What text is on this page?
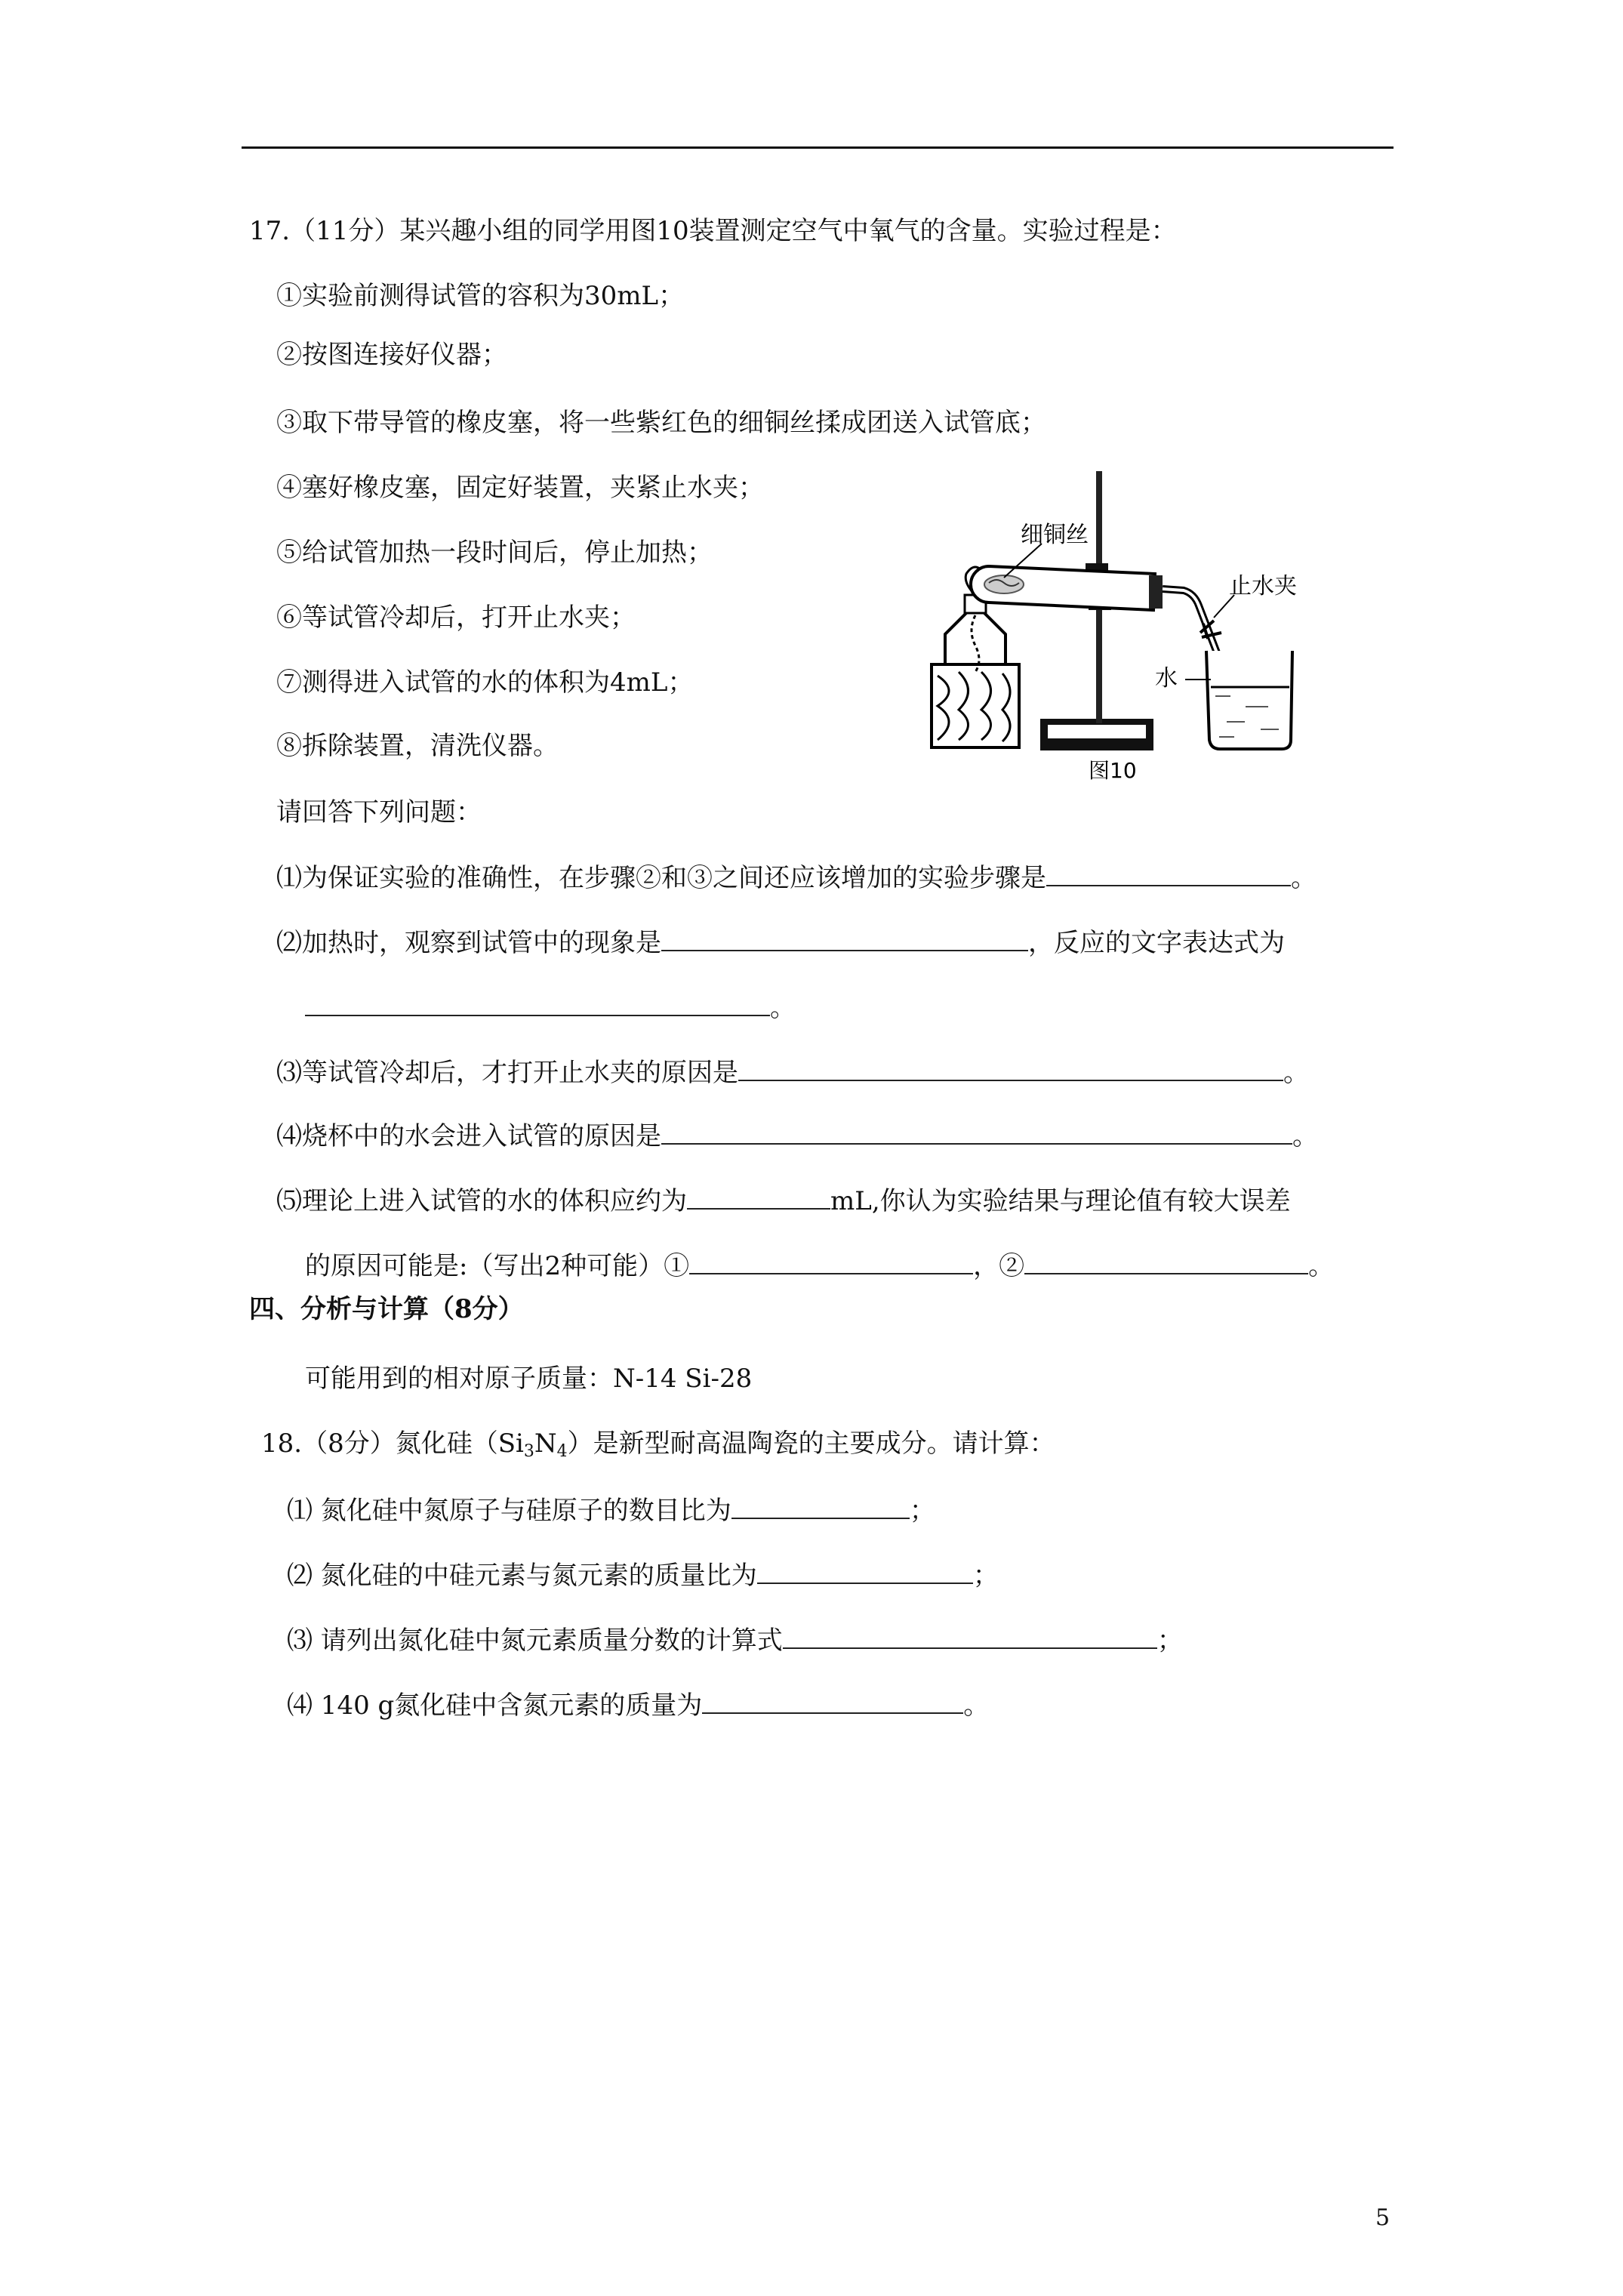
17.（11分）某兴趣小组的同学用图10装置测定空气中氧气的含量。实验过程是：
①实验前测得试管的容积为30mL；
②按图连接好仪器；
③取下带导管的橡皮塞，将一些紫红色的细铜丝揉成团送入试管底；
④塞好橡皮塞，固定好装置，夹紧止水夹；
⑤给试管加热一段时间后，停止加热；
⑥等试管冷却后，打开止水夹；
⑦测得进入试管的水的体积为4mL；
⑧拆除装置，清洗仪器。
请回答下列问题：
细铜丝
止水夹
水
图10
⑴为保证实验的准确性，在步骤②和③之间还应该增加的实验步骤是	。
⑵加热时，观察到试管中的现象是	，反应的文字表达式为
。
⑶等试管冷却后，才打开止水夹的原因是	。
⑷烧杯中的水会进入试管的原因是	。
⑸理论上进入试管的水的体积应约为	mL,你认为实验结果与理论值有较大误差
的原因可能是:（写出2种可能）①	，②	。
四、分析与计算（8分）
可能用到的相对原子质量：N-14 Si-28
18.（8分）氮化硅$(Si_3N_4)$是新型耐高温陶瓷的主要成分。请计算：
⑴ 氮化硅中氮原子与硅原子的数目比为	；
⑵ 氮化硅的中硅元素与氮元素的质量比为	；
⑶ 请列出氮化硅中氮元素质量分数的计算式	；
⑷ 140 g氮化硅中含氮元素的质量为	。
5
